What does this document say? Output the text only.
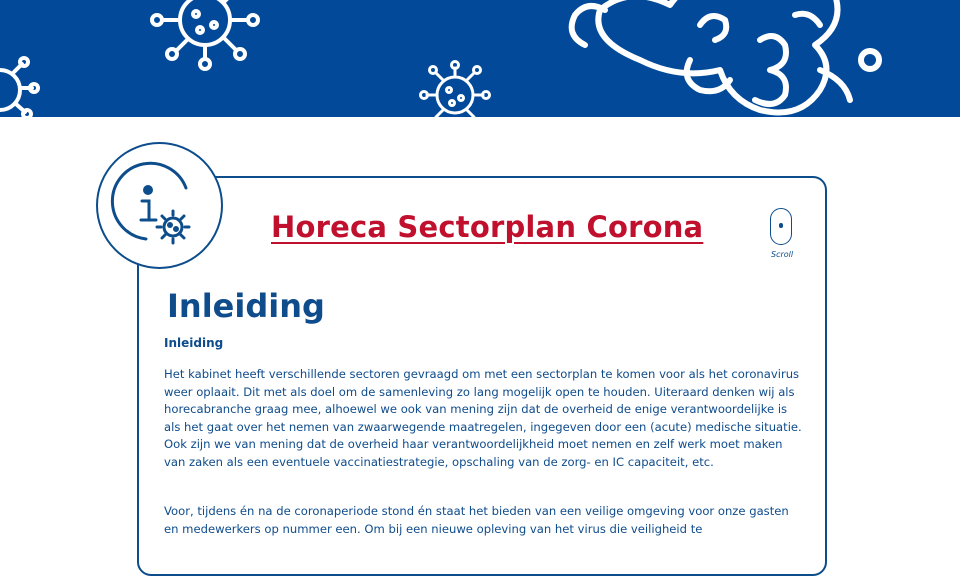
Horeca Sectorplan Corona
Scroll
Inleiding
Inleiding
Het kabinet heeft verschillende sectoren gevraagd om met een sectorplan te komen voor als het coronavirus weer oplaait. Dit met als doel om de samenleving zo lang mogelijk open te houden. Uiteraard denken wij als horecabranche graag mee, alhoewel we ook van mening zijn dat de overheid de enige verantwoordelijke is als het gaat over het nemen van zwaarwegende maatregelen, ingegeven door een (acute) medische situatie. Ook zijn we van mening dat de overheid haar verantwoordelijkheid moet nemen en zelf werk moet maken van zaken als een eventuele vaccinatiestrategie, opschaling van de zorg- en IC capaciteit, etc.
Voor, tijdens én na de coronaperiode stond én staat het bieden van een veilige omgeving voor onze gasten en medewerkers op nummer een. Om bij een nieuwe opleving van het virus die veiligheid te
